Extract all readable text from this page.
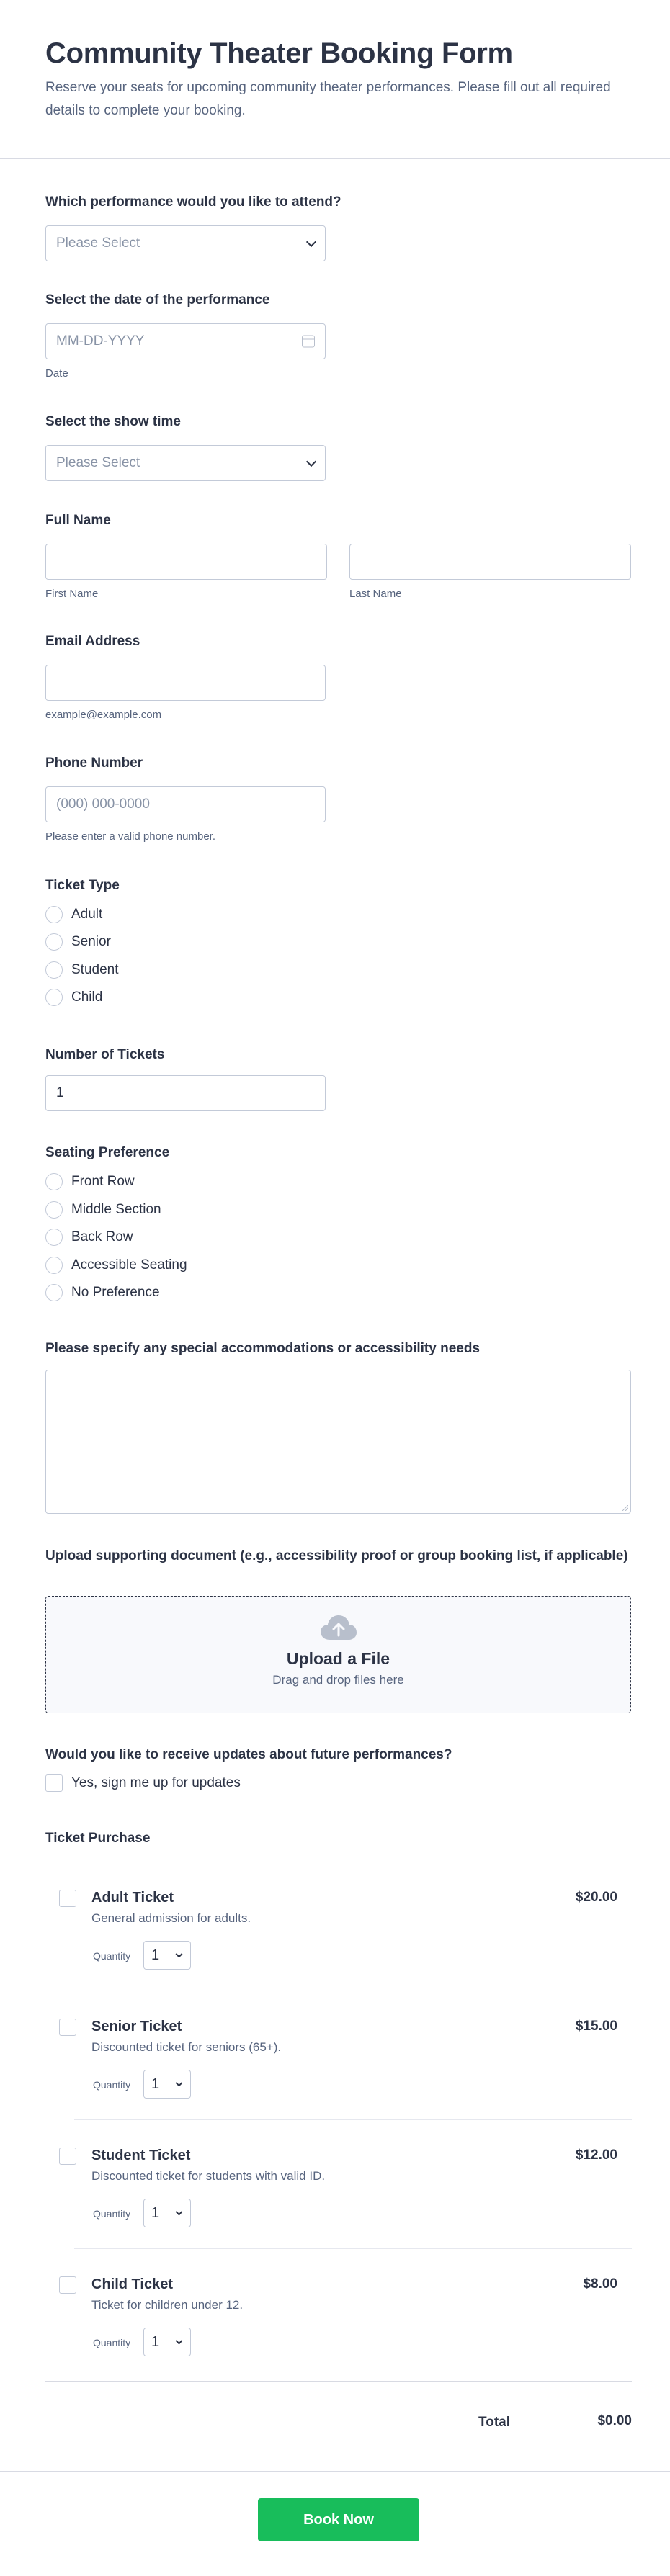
Community Theater Booking Form

Reserve your seats for upcoming community theater performances. Please fill out all required details to complete your booking.

Which performance would you like to attend?
Please Select
Select the date of the performance
MM-DD-YYYY
Date
Select the show time
Please Select
Full Name
First Name	Last Name
Email Address
example@example.com
Phone Number
(000) 000-0000
Please enter a valid phone number.
Ticket Type
Adult
Senior
Student
Child
Number of Tickets
1
Seating Preference
Front Row
Middle Section
Back Row
Accessible Seating
No Preference
Please specify any special accommodations or accessibility needs
Upload supporting document (e.g., accessibility proof or group booking list, if applicable)
Upload a File
Drag and drop files here
Would you like to receive updates about future performances?
Yes, sign me up for updates
Ticket Purchase
Adult Ticket	$20.00
General admission for adults.
Quantity 1
Senior Ticket	$15.00
Discounted ticket for seniors (65+).
Quantity 1
Student Ticket	$12.00
Discounted ticket for students with valid ID.
Quantity 1
Child Ticket	$8.00
Ticket for children under 12.
Quantity 1
Total	$0.00
Book Now
